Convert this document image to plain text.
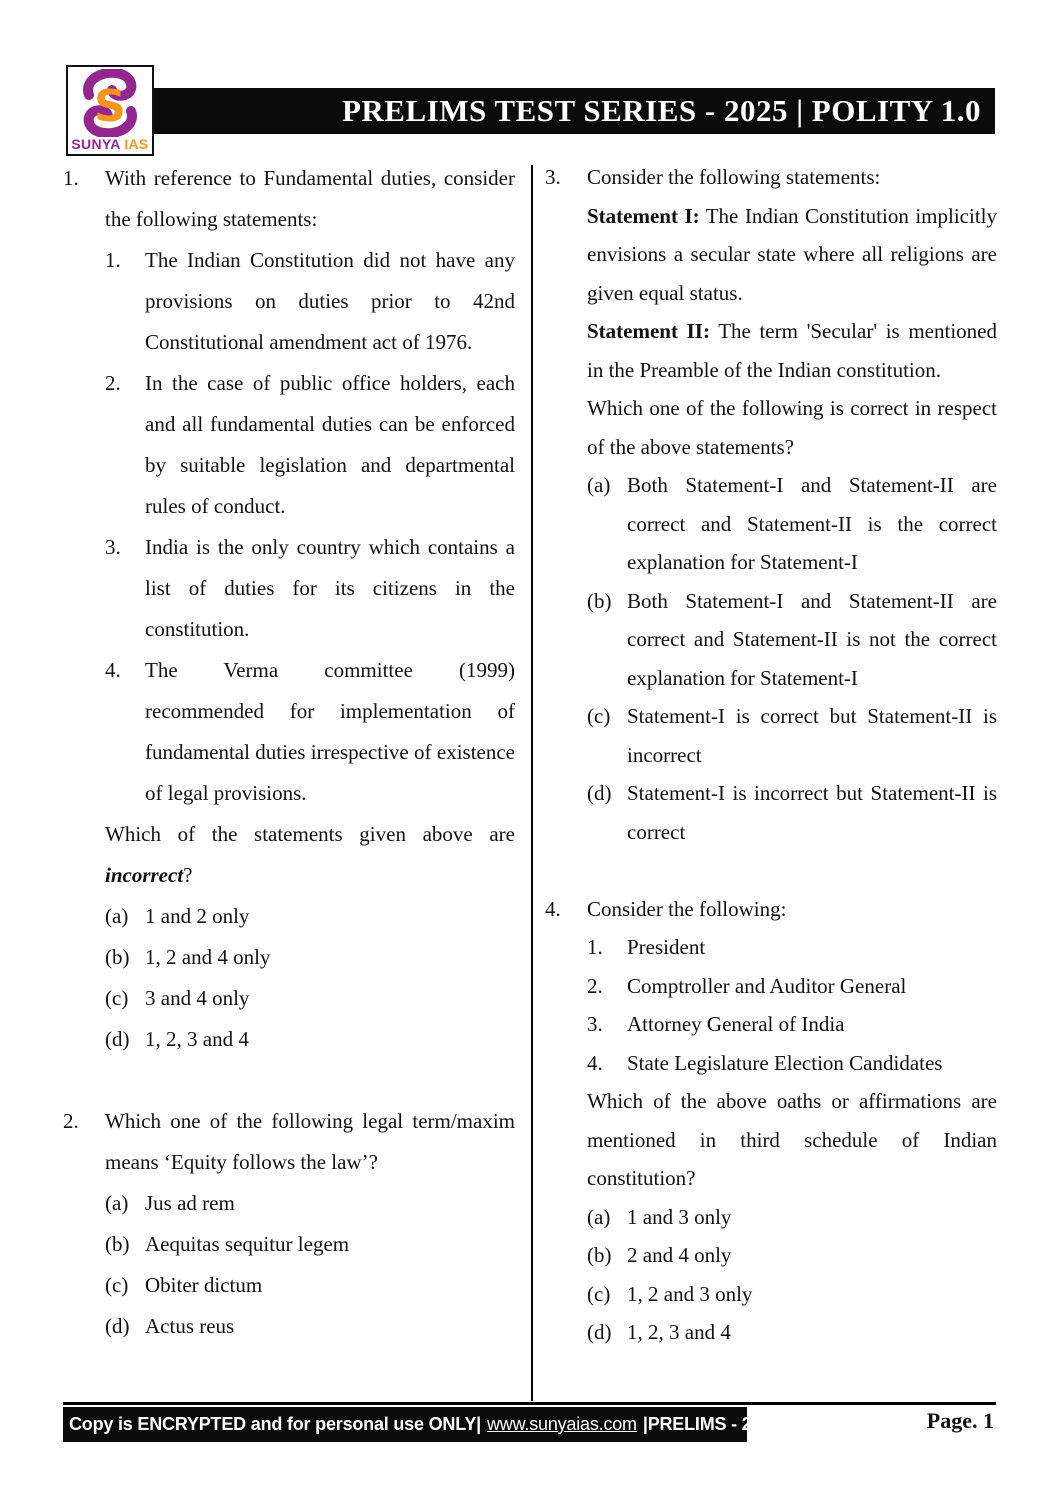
PRELIMS TEST SERIES - 2025 | POLITY 1.0
S
SUNYA IAS
1.	With reference to Fundamental duties, consider the following statements:

1.	The Indian Constitution did not have any provisions on duties prior to 42nd Constitutional amendment act of 1976.
2.	In the case of public office holders, each and all fundamental duties can be enforced by suitable legislation and departmental rules of conduct.
3.	India is the only country which contains a list of duties for its citizens in the constitution.
4.	The Verma committee (1999) recommended for implementation of fundamental duties irrespective of existence of legal provisions.

Which of the statements given above are incorrect?

(a) 1 and 2 only
(b) 1, 2 and 4 only
(c) 3 and 4 only
(d) 1, 2, 3 and 4
2.	Which one of the following legal term/maxim means ‘Equity follows the law’?

(a) Jus ad rem
(b) Aequitas sequitur legem
(c) Obiter dictum
(d) Actus reus
3.	Consider the following statements:

Statement I: The Indian Constitution implicitly envisions a secular state where all religions are given equal status.

Statement II: The term 'Secular' is mentioned in the Preamble of the Indian constitution.

Which one of the following is correct in respect of the above statements?

(a) Both Statement-I and Statement-II are correct and Statement-II is the correct explanation for Statement-I
(b) Both Statement-I and Statement-II are correct and Statement-II is not the correct explanation for Statement-I
(c) Statement-I is correct but Statement-II is incorrect
(d) Statement-I is incorrect but Statement-II is correct
4.	Consider the following:

1.	President
2.	Comptroller and Auditor General
3.	Attorney General of India
4.	State Legislature Election Candidates

Which of the above oaths or affirmations are mentioned in third schedule of Indian constitution?

(a) 1 and 3 only
(b) 2 and 4 only
(c) 1, 2 and 3 only
(d) 1, 2, 3 and 4
Copy is ENCRYPTED and for personal use ONLY| www.sunyaias.com |PRELIMS - 2025	Page. 1
